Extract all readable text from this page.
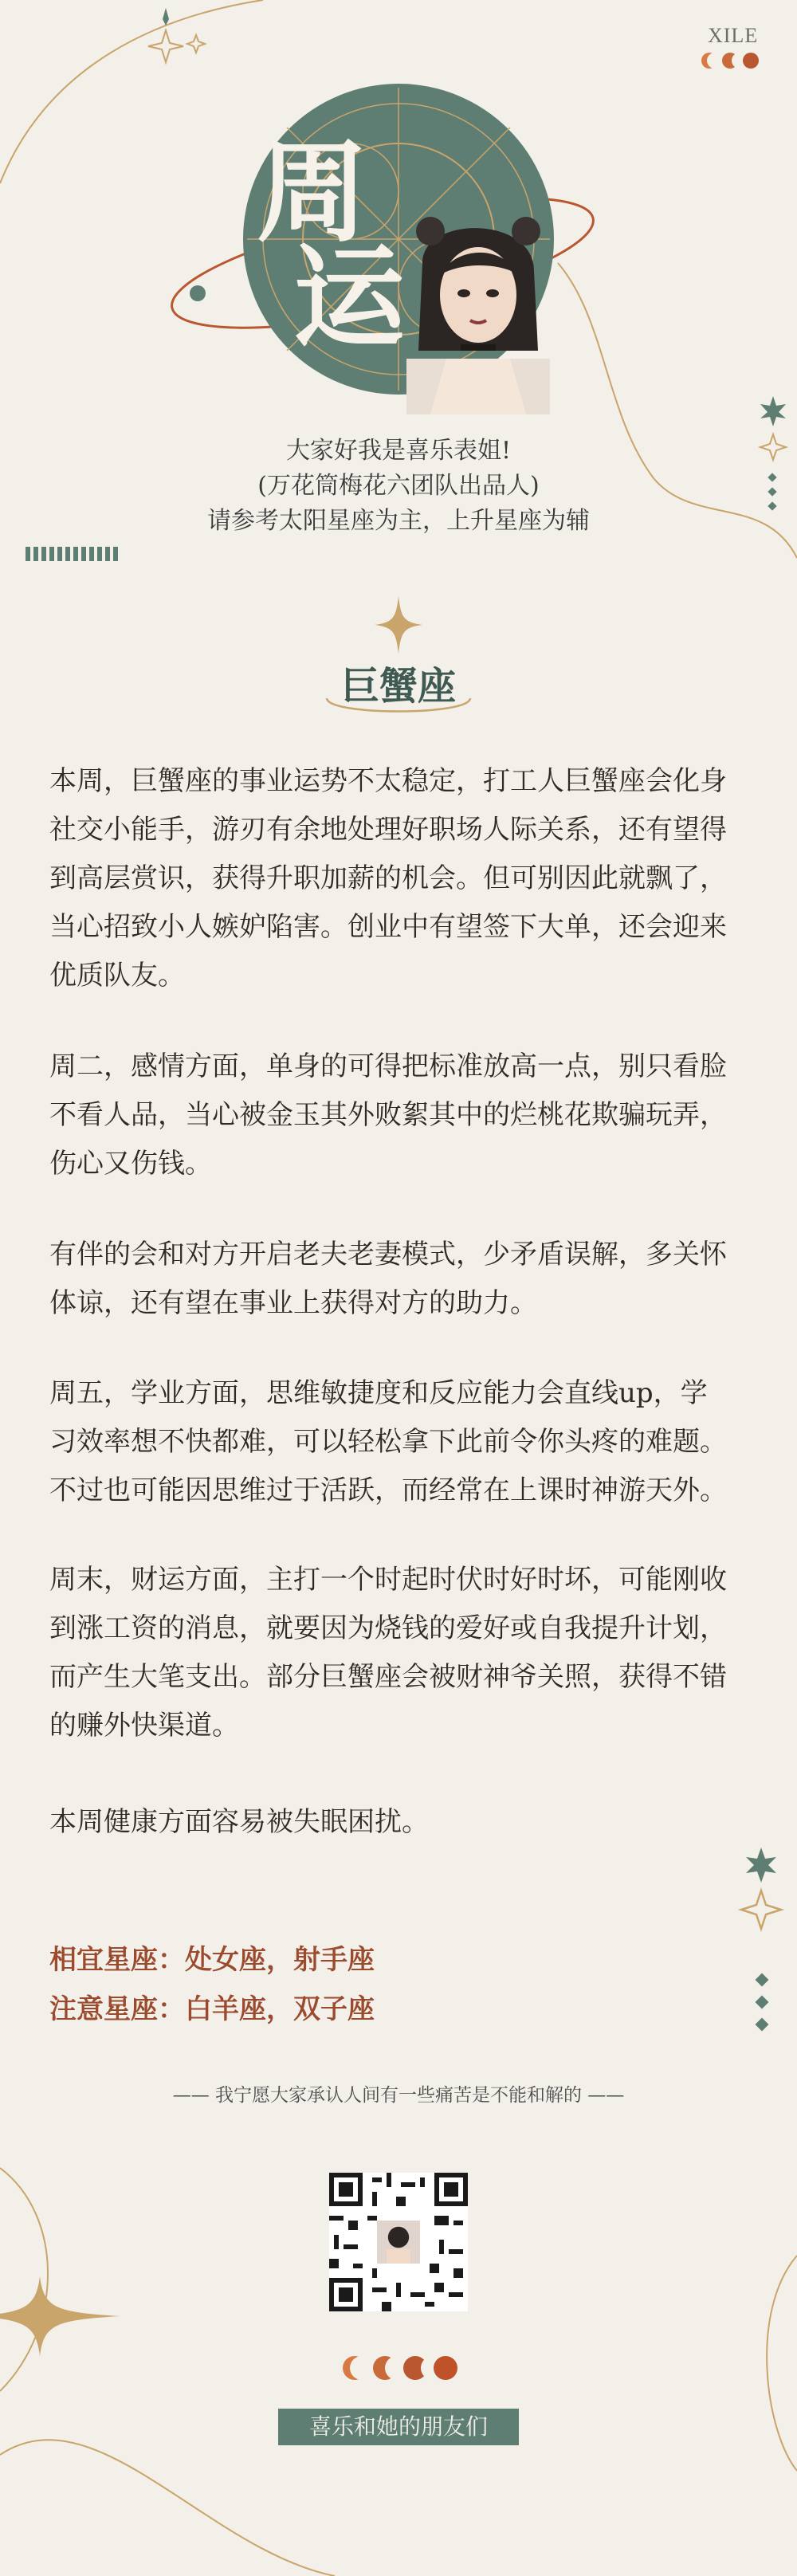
XILE
周
运
大家好我是喜乐表姐!
(万花筒梅花六团队出品人)
请参考太阳星座为主，上升星座为辅
巨蟹座

本周，巨蟹座的事业运势不太稳定，打工人巨蟹座会化身

社交小能手，游刃有余地处理好职场人际关系，还有望得

到高层赏识，获得升职加薪的机会。但可别因此就飘了，

当心招致小人嫉妒陷害。创业中有望签下大单，还会迎来

优质队友。

周二，感情方面，单身的可得把标准放高一点，别只看脸

不看人品，当心被金玉其外败絮其中的烂桃花欺骗玩弄，

伤心又伤钱。

有伴的会和对方开启老夫老妻模式，少矛盾误解，多关怀

体谅，还有望在事业上获得对方的助力。

周五，学业方面，思维敏捷度和反应能力会直线up，学

习效率想不快都难，可以轻松拿下此前令你头疼的难题。

不过也可能因思维过于活跃，而经常在上课时神游天外。

周末，财运方面，主打一个时起时伏时好时坏，可能刚收

到涨工资的消息，就要因为烧钱的爱好或自我提升计划，

而产生大笔支出。部分巨蟹座会被财神爷关照，获得不错

的赚外快渠道。

本周健康方面容易被失眠困扰。

相宜星座：处女座，射手座
注意星座：白羊座，双子座
—— 我宁愿大家承认人间有一些痛苦是不能和解的 ——
喜乐和她的朋友们
